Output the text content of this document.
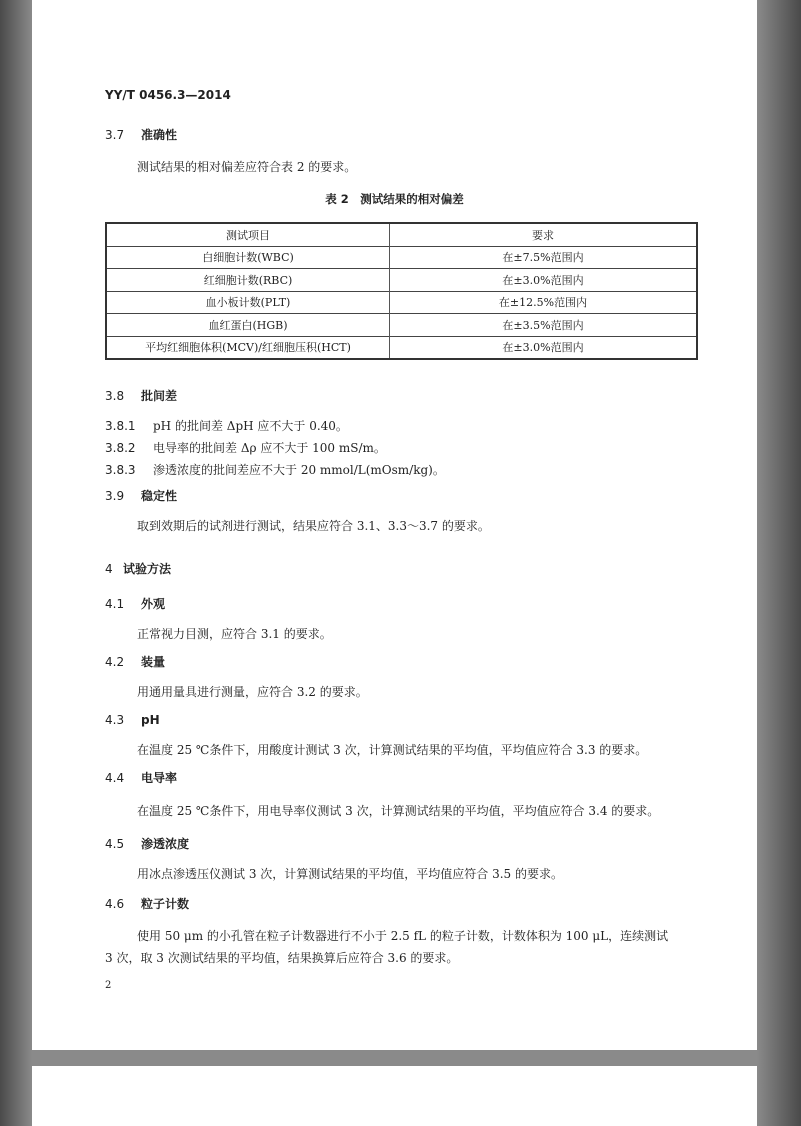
YY/T 0456.3—2014
3.7 准确性
测试结果的相对偏差应符合表 2 的要求。
表 2　测试结果的相对偏差
测试项目	要求
白细胞计数(WBC)	在±7.5%范围内
红细胞计数(RBC)	在±3.0%范围内
血小板计数(PLT)	在±12.5%范围内
血红蛋白(HGB)	在±3.5%范围内
平均红细胞体积(MCV)/红细胞压积(HCT)	在±3.0%范围内
3.8 批间差
3.8.1 pH 的批间差 ΔpH 应不大于 0.40。
3.8.2 电导率的批间差 Δρ 应不大于 100 mS/m。
3.8.3 渗透浓度的批间差应不大于 20 mmol/L(mOsm/kg)。
3.9 稳定性
取到效期后的试剂进行测试，结果应符合 3.1、3.3～3.7 的要求。
4 试验方法
4.1 外观
正常视力目测，应符合 3.1 的要求。
4.2 装量
用通用量具进行测量，应符合 3.2 的要求。
4.3 pH
在温度 25 ℃条件下，用酸度计测试 3 次，计算测试结果的平均值，平均值应符合 3.3 的要求。
4.4 电导率
在温度 25 ℃条件下，用电导率仪测试 3 次，计算测试结果的平均值，平均值应符合 3.4 的要求。
4.5 渗透浓度
用冰点渗透压仪测试 3 次，计算测试结果的平均值，平均值应符合 3.5 的要求。
4.6 粒子计数
使用 50 μm 的小孔管在粒子计数器进行不小于 2.5 fL 的粒子计数，计数体积为 100 μL，连续测试
3 次，取 3 次测试结果的平均值，结果换算后应符合 3.6 的要求。
2
